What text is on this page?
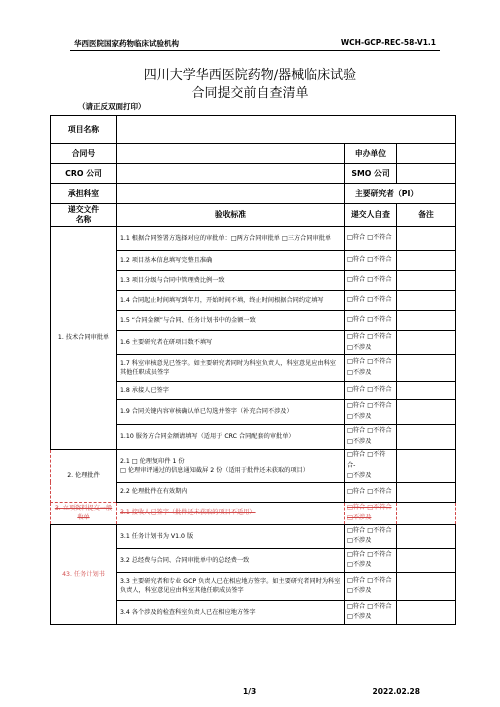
华西医院国家药物临床试验机构	WCH-GCP-REC-58-V1.1
四川大学华西医院药物/器械临床试验
合同提交前自查清单
（请正反双面打印）
项目名称			
合同号		申办单位	
CRO 公司		SMO 公司	
承担科室		主要研究者（PI）	
递交文件
名称	验收标准	递交人自查	备注
1. 技术合同审批单	1.1 根据合同签署方选择对应的审批单：□两方合同审批单 □三方合同审批单	□符合 □不符合	
	1.2 项目基本信息填写完整且准确	□符合 □不符合	
	1.3 项目分级与合同中管理费比例一致	□符合 □不符合	
	1.4 合同起止时间填写到年月，开始时间不填，终止时间根据合同约定填写	□符合 □不符合	
	1.5 “合同金额”与合同、任务计划书中的金额一致	□符合 □不符合	
	1.6 主要研究者在研项目数不填写	□符合 □不符合
□不涉及	
	1.7 科室审核意见已签字。如主要研究者同时为科室负责人，科室意见应由科室其他任职成员签字	□符合 □不符合
□不涉及	
	1.8 承接人已签字	□符合 □不符合	
	1.9 合同关键内容审核确认单已勾选并签字（补充合同不涉及）	□符合 □不符合
□不涉及	
	1.10 服务方合同金额请填写（适用于 CRC 合同配套的审批单）	□符合 □不符合
□不涉及	
2. 伦理批件	2.1 □ 伦理复印件 1 份
□ 伦理审评通过的信息通知截屏 2 份（适用于批件还未获取的项目）	□符合 □不符合-
□不涉及	
	2.2 伦理批件在有效期内	□符合 □不符合	
3. 立项资料提交一般收单	3.1 接收人已签字（批件还未获取的项目不适用）	□符合 □不符合 □不涉及	
43. 任务计划书	3.1 任务计划书为 V1.0 版	□符合 □不符合
□不涉及	
	3.2 总经费与合同、合同审批单中的总经费一致	□符合 □不符合
□不涉及	
	3.3 主要研究者和专业 GCP 负责人已在相应地方签字。如主要研究者同时为科室负责人，科室意见应由科室其他任职成员签字	□符合 □不符合
□不涉及	
	3.4 各个涉及的检查科室负责人已在相应地方签字	□符合 □不符合
□不涉及	
1/3	2022.02.28
